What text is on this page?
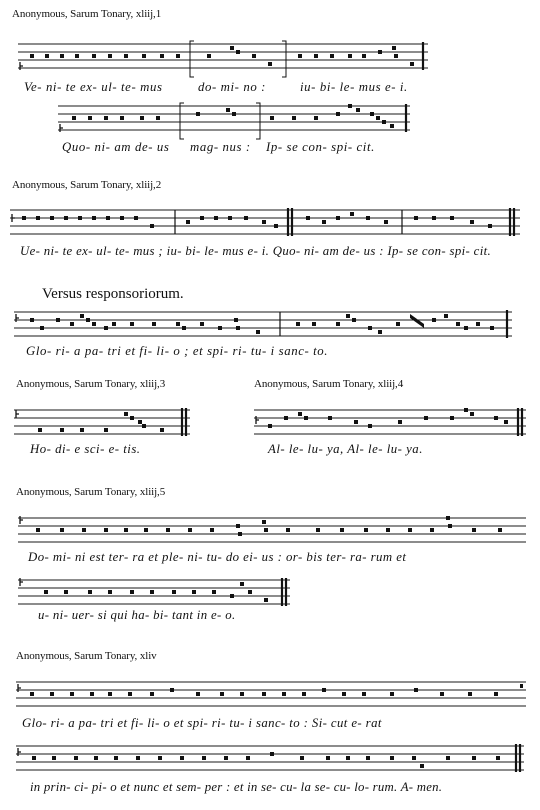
Anonymous, Sarum Tonary, xliij,1
Anonymous, Sarum Tonary, xliij,2
Versus responsoriorum.
Anonymous, Sarum Tonary, xliij,3	Anonymous, Sarum Tonary, xliij,4
Anonymous, Sarum Tonary, xliij,5
Anonymous, Sarum Tonary, xliv
Ve- ni- te ex- ul- te- mus	do- mi- no :	iu- bi- le- mus e- i.
Quo- ni- am de- us mag- nus : Ip- se con- spi- cit.
Ue- ni- te ex- ul- te- mus ; iu- bi- le- mus e- i. Quo- ni- am de- us : Ip- se con- spi- cit.
Glo- ri- a pa- tri et fi- li- o ; et spi- ri- tu- i sanc- to.
Ho- di- e sci- e- tis.	Al- le- lu- ya, Al- le- lu- ya.
Do- mi- ni est ter- ra et ple- ni- tu- do ei- us : or- bis ter- ra- rum et
u- ni- uer- si qui ha- bi- tant in e- o.
Glo- ri- a pa- tri et fi- li- o et spi- ri- tu- i sanc- to : Si- cut e- rat
in prin- ci- pi- o et nunc et sem- per : et in se- cu- la se- cu- lo- rum. A- men.
